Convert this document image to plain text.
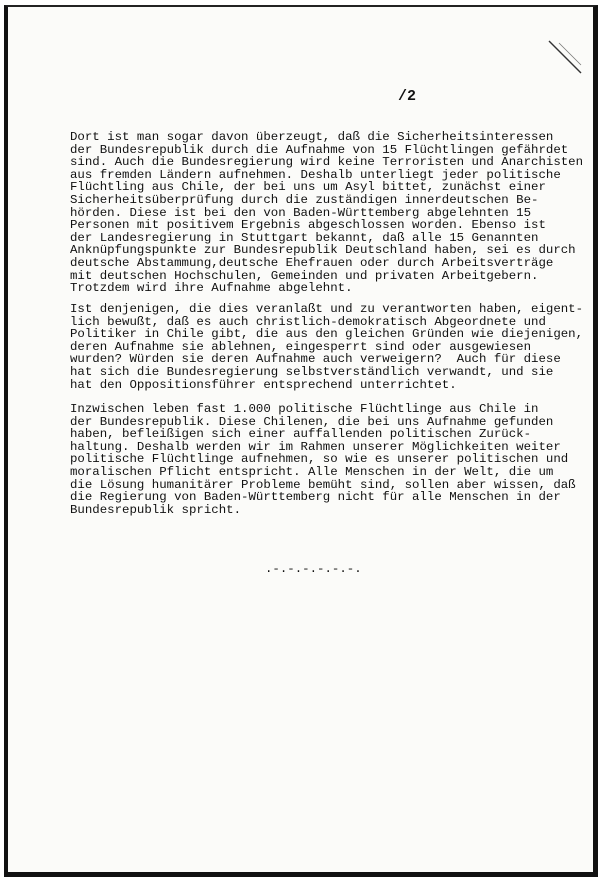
/2
Dort ist man sogar davon überzeugt, daß die Sicherheitsinteressen
der Bundesrepublik durch die Aufnahme von 15 Flüchtlingen gefährdet
sind. Auch die Bundesregierung wird keine Terroristen und Anarchisten
aus fremden Ländern aufnehmen. Deshalb unterliegt jeder politische
Flüchtling aus Chile, der bei uns um Asyl bittet, zunächst einer
Sicherheitsüberprüfung durch die zuständigen innerdeutschen Be-
hörden. Diese ist bei den von Baden-Württemberg abgelehnten 15
Personen mit positivem Ergebnis abgeschlossen worden. Ebenso ist
der Landesregierung in Stuttgart bekannt, daß alle 15 Genannten
Anknüpfungspunkte zur Bundesrepublik Deutschland haben, sei es durch
deutsche Abstammung,deutsche Ehefrauen oder durch Arbeitsverträge
mit deutschen Hochschulen, Gemeinden und privaten Arbeitgebern.
Trotzdem wird ihre Aufnahme abgelehnt.
Ist denjenigen, die dies veranlaßt und zu verantworten haben, eigent-
lich bewußt, daß es auch christlich-demokratisch Abgeordnete und
Politiker in Chile gibt, die aus den gleichen Gründen wie diejenigen,
deren Aufnahme sie ablehnen, eingesperrt sind oder ausgewiesen
wurden? Würden sie deren Aufnahme auch verweigern?  Auch für diese
hat sich die Bundesregierung selbstverständlich verwandt, und sie
hat den Oppositionsführer entsprechend unterrichtet.
Inzwischen leben fast 1.000 politische Flüchtlinge aus Chile in
der Bundesrepublik. Diese Chilenen, die bei uns Aufnahme gefunden
haben, befleißigen sich einer auffallenden politischen Zurück-
haltung. Deshalb werden wir im Rahmen unserer Möglichkeiten weiter
politische Flüchtlinge aufnehmen, so wie es unserer politischen und
moralischen Pflicht entspricht. Alle Menschen in der Welt, die um
die Lösung humanitärer Probleme bemüht sind, sollen aber wissen, daß
die Regierung von Baden-Württemberg nicht für alle Menschen in der
Bundesrepublik spricht.
.-.-.-.-.-.-.
